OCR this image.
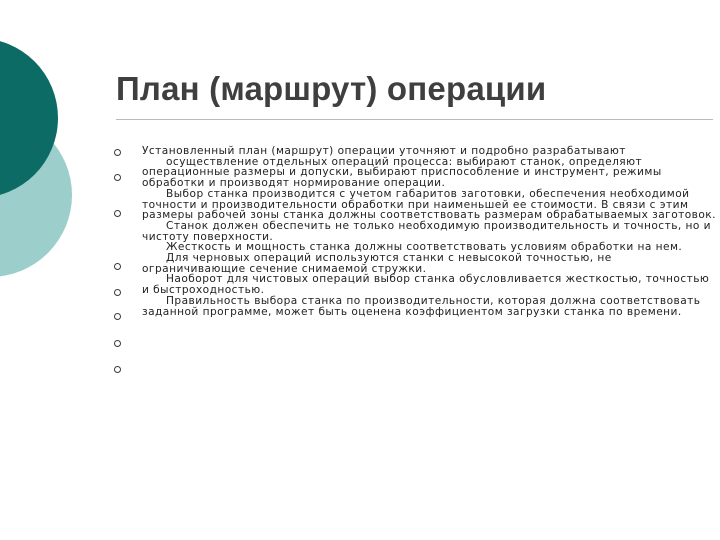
План (маршрут) операции

Установленный план (маршрут) операции уточняют и подробно разрабатывают

осуществление отдельных операций процесса: выбирают станок, определяют операционные размеры и допуски, выбирают приспособление и инструмент, режимы обработки и производят нормирование операции.

Выбор станка производится с учетом габаритов заготовки, обеспечения необходимой точности и производительности обработки при наименьшей ее стоимости. В связи с этим размеры рабочей зоны станка должны соответствовать размерам обрабатываемых заготовок.

Станок должен обеспечить не только необходимую производительность и точность, но и чистоту поверхности.

Жесткость и мощность станка должны соответствовать условиям обработки на нем.

Для черновых операций используются станки с невысокой точностью, не ограничивающие сечение снимаемой стружки.

Наоборот для чистовых операций выбор станка обусловливается жесткостью, точностью и быстроходностью.

Правильность выбора станка по производительности, которая должна соответствовать заданной программе, может быть оценена коэффициентом загрузки станка по времени.
